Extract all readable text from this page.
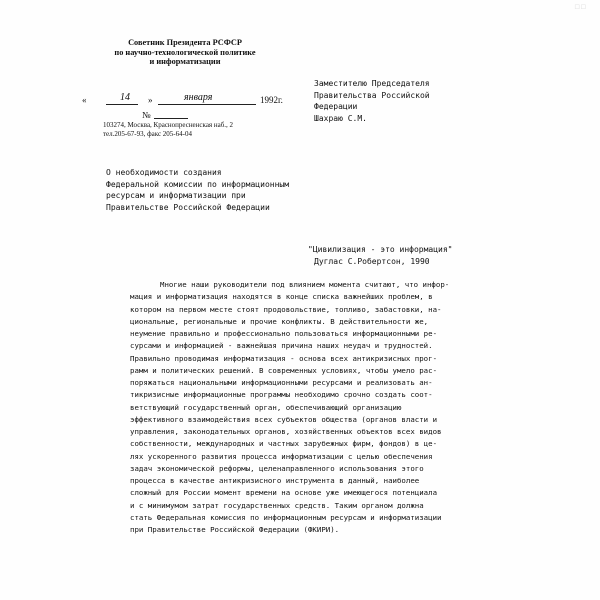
▫▫
Советник Президента РСФСР
по научно-технологической политике
и информатизации
«	14 »	января	1992г.
№
103274, Москва, Краснопресненская наб., 2
тел.205-67-93, факс 205-64-04
Заместителю Председателя
Правительства Российской
Федерации
Шахраю С.М.
О необходимости создания
Федеральной комиссии по информационным
ресурсам и информатизации при
Правительстве Российской Федерации
"Цивилизация - это информация"
Дуглас С.Робертсон, 1990
Многие наши руководители под влиянием момента считают, что инфор-
мация и информатизация находятся в конце списка важнейших проблем, в
котором на первом месте стоят продовольствие, топливо, забастовки, на-
циональные, региональные и прочие конфликты. В действительности же,
неумение правильно и профессионально пользоваться информационными ре-
сурсами и информацией - важнейшая причина наших неудач и трудностей.
Правильно проводимая информатизация - основа всех антикризисных прог-
рамм и политических решений. В современных условиях, чтобы умело рас-
поряжаться национальными информационными ресурсами и реализовать ан-
тикризисные информационные программы необходимо срочно создать соот-
ветствующий государственный орган, обеспечивающий организацию
эффективного взаимодействия всех субъектов общества (органов власти и
управления, законодательных органов, хозяйственных объектов всех видов
собственности, международных и частных зарубежных фирм, фондов) в це-
лях ускоренного развития процесса информатизации с целью обеспечения
задач экономической реформы, целенаправленного использования этого
процесса в качестве антикризисного инструмента в данный, наиболее
сложный для России момент времени на основе уже имеющегося потенциала
и с минимумом затрат государственных средств. Таким органом должна
стать Федеральная комиссия по информационным ресурсам и информатизации
при Правительстве Российской Федерации (ФКИРИ).
